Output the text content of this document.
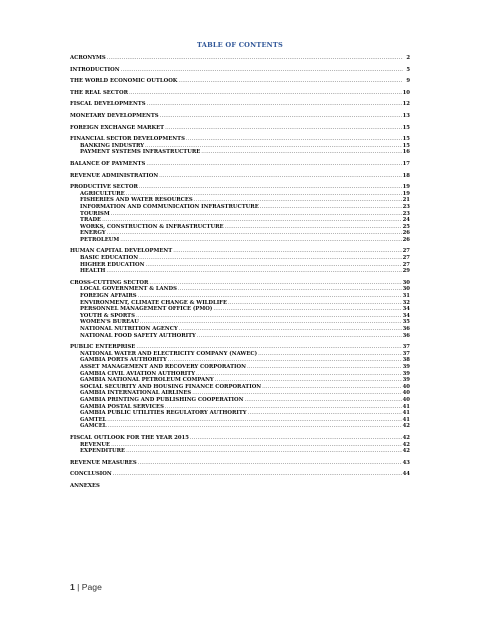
TABLE OF CONTENTS
ACRONYMS .....	2
INTRODUCTION .....	5
THE WORLD ECONOMIC OUTLOOK .....	9
THE REAL SECTOR .....	10
FISCAL DEVELOPMENTS .....	12
MONETARY DEVELOPMENTS .....	13
FOREIGN EXCHANGE MARKET .....	15
FINANCIAL SECTOR DEVELOPMENTS .....	15
BANKING INDUSTRY .....	15
PAYMENT SYSTEMS INFRASTRUCTURE .....	16
BALANCE OF PAYMENTS .....	17
REVENUE ADMINISTRATION .....	18
PRODUCTIVE SECTOR .....	19
AGRICULTURE .....	19
FISHERIES AND WATER RESOURCES .....	21
INFORMATION AND COMMUNICATION INFRASTRUCTURE .....	23
TOURISM .....	23
TRADE .....	24
WORKS, CONSTRUCTION & INFRASTRUCTURE .....	25
ENERGY .....	26
PETROLEUM .....	26
HUMAN CAPITAL DEVELOPMENT .....	27
BASIC EDUCATION .....	27
HIGHER EDUCATION .....	27
HEALTH .....	29
CROSS-CUTTING SECTOR .....	30
LOCAL GOVERNMENT & LANDS .....	30
FOREIGN AFFAIRS .....	31
ENVIRONMENT, CLIMATE CHANGE & WILDLIFE .....	32
PERSONNEL MANAGEMENT OFFICE (PMO) .....	34
YOUTH & SPORTS .....	34
WOMEN'S BUREAU .....	35
NATIONAL NUTRITION AGENCY .....	36
NATIONAL FOOD SAFETY AUTHORITY .....	36
PUBLIC ENTERPRISE .....	37
NATIONAL WATER AND ELECTRICITY COMPANY (NAWEC) .....	37
GAMBIA PORTS AUTHORITY .....	38
ASSET MANAGEMENT AND RECOVERY CORPORATION .....	39
GAMBIA CIVIL AVIATION AUTHORITY .....	39
GAMBIA NATIONAL PETROLEUM COMPANY .....	39
SOCIAL SECURITY AND HOUSING FINANCE CORPORATION .....	40
GAMBIA INTERNATIONAL AIRLINES .....	40
GAMBIA PRINTING AND PUBLISHING COOPERATION .....	40
GAMBIA POSTAL SERVICES .....	41
GAMBIA PUBLIC UTILITIES REGULATORY AUTHORITY .....	41
GAMTEL .....	41
GAMCEL .....	42
FISCAL OUTLOOK FOR THE YEAR 2015 .....	42
REVENUE .....	42
EXPENDITURE .....	42
REVENUE MEASURES .....	43
CONCLUSION .....	44
ANNEXES
1 | Page
